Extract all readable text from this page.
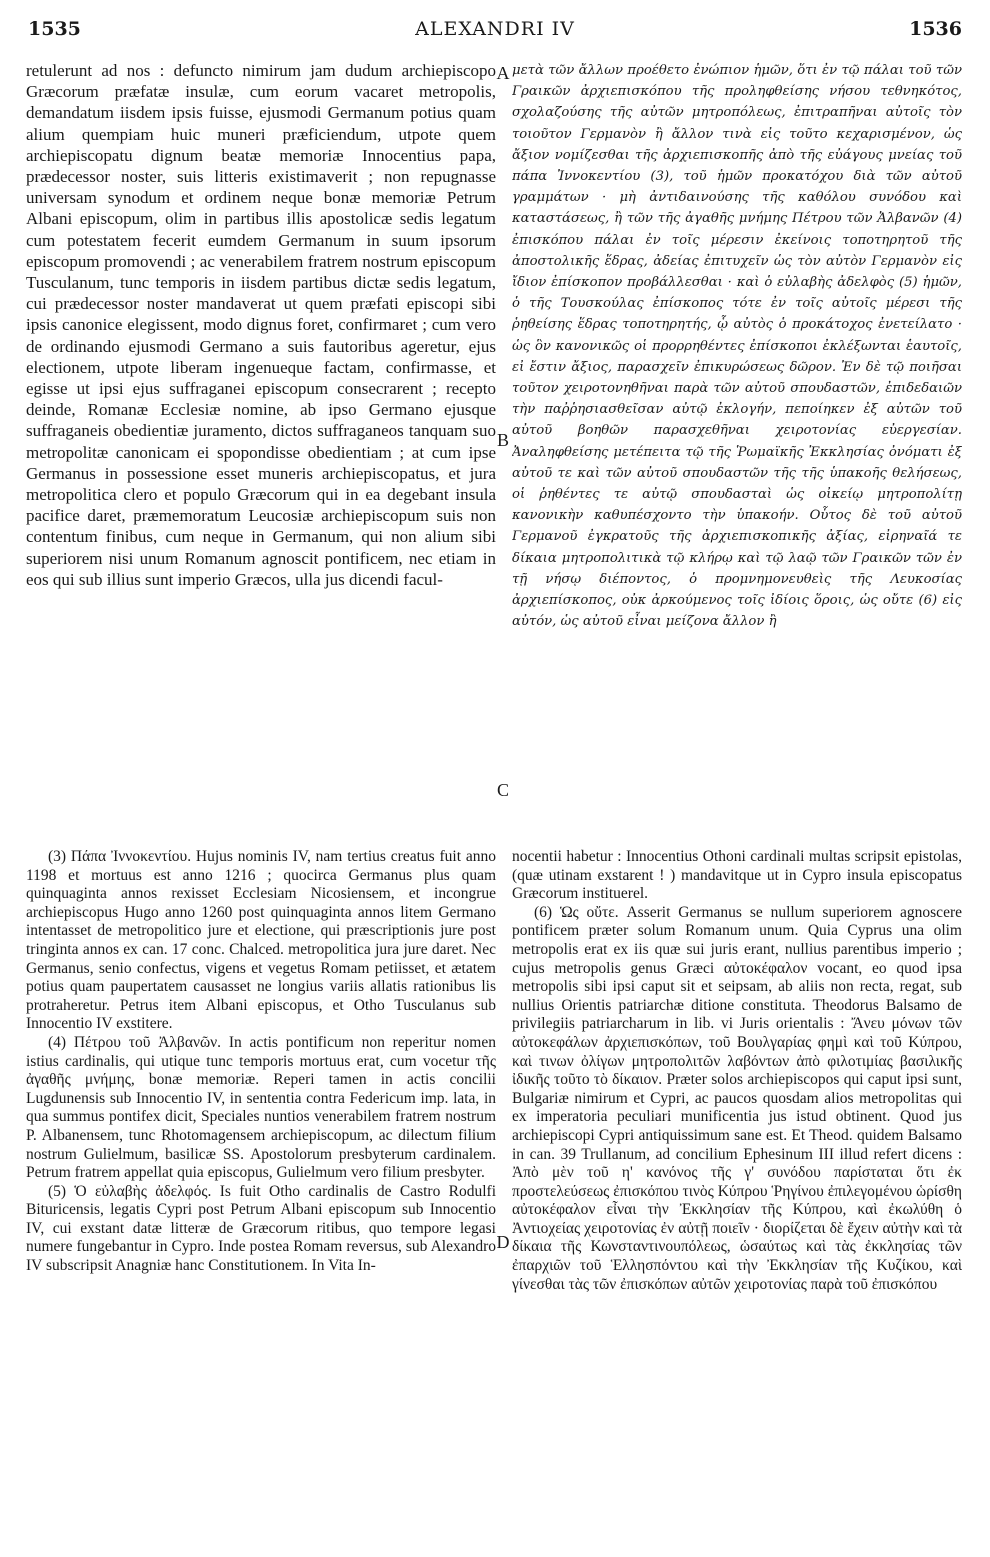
1535	ALEXANDRI IV	1536

retulerunt ad nos : defuncto nimirum jam dudum archiepiscopo Græcorum præfatæ insulæ, cum eorum vacaret metropolis, demandatum iisdem ipsis fuisse, ejusmodi Germanum potius quam alium quempiam huic muneri præficiendum, utpote quem archiepiscopatu dignum beatæ memoriæ Innocentius papa, prædecessor noster, suis litteris existimaverit ; non repugnasse universam synodum et ordinem neque bonæ memoriæ Petrum Albani episcopum, olim in partibus illis apostolicæ sedis legatum cum potestatem fecerit eumdem Germanum in suum ipsorum episcopum promovendi ; ac venerabilem fratrem nostrum episcopum Tusculanum, tunc temporis in iisdem partibus dictæ sedis legatum, cui prædecessor noster mandaverat ut quem præfati episcopi sibi ipsis canonice elegissent, modo dignus foret, confirmaret ; cum vero de ordinando ejusmodi Germano a suis fautoribus ageretur, ejus electionem, utpote liberam ingenueque factam, confirmasse, et egisse ut ipsi ejus suffraganei episcopum consecrarent ; recepto deinde, Romanæ Ecclesiæ nomine, ab ipso Germano ejusque suffraganeis obedientiæ juramento, dictos suffraganeos tanquam suo metropolitæ canonicam ei spopondisse obedientiam ; at cum ipse Germanus in possessione esset muneris archiepiscopatus, et jura metropolitica clero et populo Græcorum qui in ea degebant insula pacifice daret, præmemoratum Leucosiæ archiepiscopum suis non contentum finibus, cum neque in Germanum, qui non alium sibi superiorem nisi unum Romanum agnoscit pontificem, nec etiam in eos qui sub illius sunt imperio Græcos, ulla jus dicendi facul-

μετὰ τῶν ἄλλων προέθετο ἐνώπιον ἡμῶν, ὅτι ἐν τῷ πάλαι τοῦ τῶν Γραικῶν ἀρχιεπισκόπου τῆς προληφθείσης νήσου τεθνηκότος, σχολαζούσης τῆς αὐτῶν μητροπόλεως, ἐπιτραπῆναι αὐτοῖς τὸν τοιοῦτον Γερμανὸν ἢ ἄλλον τινὰ εἰς τοῦτο κεχαρισμένον, ὡς ἄξιον νομίζεσθαι τῆς ἀρχιεπισκοπῆς ἀπὸ τῆς εὐάγους μνείας τοῦ πάπα Ἰννοκεντίου (3), τοῦ ἡμῶν προκατόχου διὰ τῶν αὐτοῦ γραμμάτων · μὴ ἀντιδαινούσης τῆς καθόλου συνόδου καὶ καταστάσεως, ἢ τῶν τῆς ἀγαθῆς μνήμης Πέτρου τῶν Ἀλβανῶν (4) ἐπισκόπου πάλαι ἐν τοῖς μέρεσιν ἐκείνοις τοποτηρητοῦ τῆς ἀποστολικῆς ἕδρας, ἀδείας ἐπιτυχεῖν ὡς τὸν αὐτὸν Γερμανὸν εἰς ἴδιον ἐπίσκοπον προβάλλεσθαι · καὶ ὁ εὐλαβὴς ἀδελφὸς (5) ἡμῶν, ὁ τῆς Τουσκούλας ἐπίσκοπος τότε ἐν τοῖς αὐτοῖς μέρεσι τῆς ῥηθείσης ἕδρας τοποτηρητής, ᾧ αὐτὸς ὁ προκάτοχος ἐνετείλατο · ὡς ὃν κανονικῶς οἱ προρρηθέντες ἐπίσκοποι ἐκλέξωνται ἑαυτοῖς, εἰ ἔστιν ἄξιος, παρασχεῖν ἐπικυρώσεως δῶρον. Ἐν δὲ τῷ ποιῆσαι τοῦτον χειροτονηθῆναι παρὰ τῶν αὐτοῦ σπουδαστῶν, ἐπιδεδαιῶν τὴν παῤῥησιασθεῖσαν αὐτῷ ἐκλογήν, πεποίηκεν ἐξ αὐτῶν τοῦ αὐτοῦ βοηθῶν παρασχεθῆναι χειροτονίας εὐεργεσίαν. Ἀναληφθείσης μετέπειτα τῷ τῆς Ῥωμαϊκῆς Ἐκκλησίας ὀνόματι ἐξ αὐτοῦ τε καὶ τῶν αὐτοῦ σπουδαστῶν τῆς τῆς ὑπακοῆς θελήσεως, οἱ ῥηθέντες τε αὐτῷ σπουδασταὶ ὡς οἰκείῳ μητροπολίτῃ κανονικὴν καθυπέσχοντο τὴν ὑπακοήν. Οὗτος δὲ τοῦ αὐτοῦ Γερμανοῦ ἐγκρατοῦς τῆς ἀρχιεπισκοπικῆς ἀξίας, εἰρηναῖά τε δίκαια μητροπολιτικὰ τῷ κλήρῳ καὶ τῷ λαῷ τῶν Γραικῶν τῶν ἐν τῇ νήσῳ διέποντος, ὁ προμνημονευθεὶς τῆς Λευκοσίας ἀρχιεπίσκοπος, οὐκ ἀρκούμενος τοῖς ἰδίοις ὅροις, ὡς οὔτε (6) εἰς αὐτόν, ὡς αὐτοῦ εἶναι μείζονα ἄλλον ἢ

A
B
C
D

(3) Πάπα Ἰννοκεντίου. Hujus nominis IV, nam tertius creatus fuit anno 1198 et mortuus est anno 1216 ; quocirca Germanus plus quam quinquaginta annos rexisset Ecclesiam Nicosiensem, et incongrue archiepiscopus Hugo anno 1260 post quinquaginta annos litem Germano intentasset de metropolitico jure et electione, qui præscriptionis jure post tringinta annos ex can. 17 conc. Chalced. metropolitica jura jure daret. Nec Germanus, senio confectus, vigens et vegetus Romam petiisset, et ætatem potius quam paupertatem causasset ne longius variis allatis rationibus lis protraheretur. Petrus item Albani episcopus, et Otho Tusculanus sub Innocentio IV exstitere.

(4) Πέτρου τοῦ Ἀλβανῶν. In actis pontificum non reperitur nomen istius cardinalis, qui utique tunc temporis mortuus erat, cum vocetur τῆς ἀγαθῆς μνήμης, bonæ memoriæ. Reperi tamen in actis concilii Lugdunensis sub Innocentio IV, in sententia contra Federicum imp. lata, in qua summus pontifex dicit, Speciales nuntios venerabilem fratrem nostrum P. Albanensem, tunc Rhotomagensem archiepiscopum, ac dilectum filium nostrum Gulielmum, basilicæ SS. Apostolorum presbyterum cardinalem. Petrum fratrem appellat quia episcopus, Gulielmum vero filium presbyter.

(5) Ὁ εὐλαβὴς ἀδελφός. Is fuit Otho cardinalis de Castro Rodulfi Bituricensis, legatis Cypri post Petrum Albani episcopum sub Innocentio IV, cui exstant datæ litteræ de Græcorum ritibus, quo tempore legasi numere fungebantur in Cypro. Inde postea Romam reversus, sub Alexandro IV subscripsit Anagniæ hanc Constitutionem. In Vita In-

nocentii habetur : Innocentius Othoni cardinali multas scripsit epistolas, (quæ utinam exstarent ! ) mandavitque ut in Cypro insula episcopatus Græcorum instituerel.

(6) Ὡς οὔτε. Asserit Germanus se nullum superiorem agnoscere pontificem præter solum Romanum unum. Quia Cyprus una olim metropolis erat ex iis quæ sui juris erant, nullius parentibus imperio ; cujus metropolis genus Græci αὐτοκέφαλον vocant, eo quod ipsa metropolis sibi ipsi caput sit et seipsam, ab aliis non recta, regat, sub nullius Orientis patriarchæ ditione constituta. Theodorus Balsamo de privilegiis patriarcharum in lib. vi Juris orientalis : Ἄνευ μόνων τῶν αὐτοκεφάλων ἀρχιεπισκόπων, τοῦ Βουλγαρίας φημὶ καὶ τοῦ Κύπρου, καὶ τινων ὀλίγων μητροπολιτῶν λαβόντων ἀπὸ φιλοτιμίας βασιλικῆς ἰδικῆς τοῦτο τὸ δίκαιον. Præter solos archiepiscopos qui caput ipsi sunt, Bulgariæ nimirum et Cypri, ac paucos quosdam alios metropolitas qui ex imperatoria peculiari munificentia jus istud obtinent. Quod jus archiepiscopi Cypri antiquissimum sane est. Et Theod. quidem Balsamo in can. 39 Trullanum, ad concilium Ephesinum III illud refert dicens : Ἀπὸ μὲν τοῦ η' κανόνος τῆς γ' συνόδου παρίσταται ὅτι ἐκ προστελεύσεως ἐπισκόπου τινὸς Κύπρου Ῥηγίνου ἐπιλεγομένου ὡρίσθη αὐτοκέφαλον εἶναι τὴν Ἐκκλησίαν τῆς Κύπρου, καὶ ἐκωλύθη ὁ Ἀντιοχείας χειροτονίας ἐν αὐτῇ ποιεῖν · διορίζεται δὲ ἔχειν αὐτὴν καὶ τὰ δίκαια τῆς Κωνσταντινουπόλεως, ὡσαύτως καὶ τὰς ἐκκλησίας τῶν ἐπαρχιῶν τοῦ Ἑλλησπόντου καὶ τὴν Ἐκκλησίαν τῆς Κυζίκου, καὶ γίνεσθαι τὰς τῶν ἐπισκόπων αὐτῶν χειροτονίας παρὰ τοῦ ἐπισκόπου
